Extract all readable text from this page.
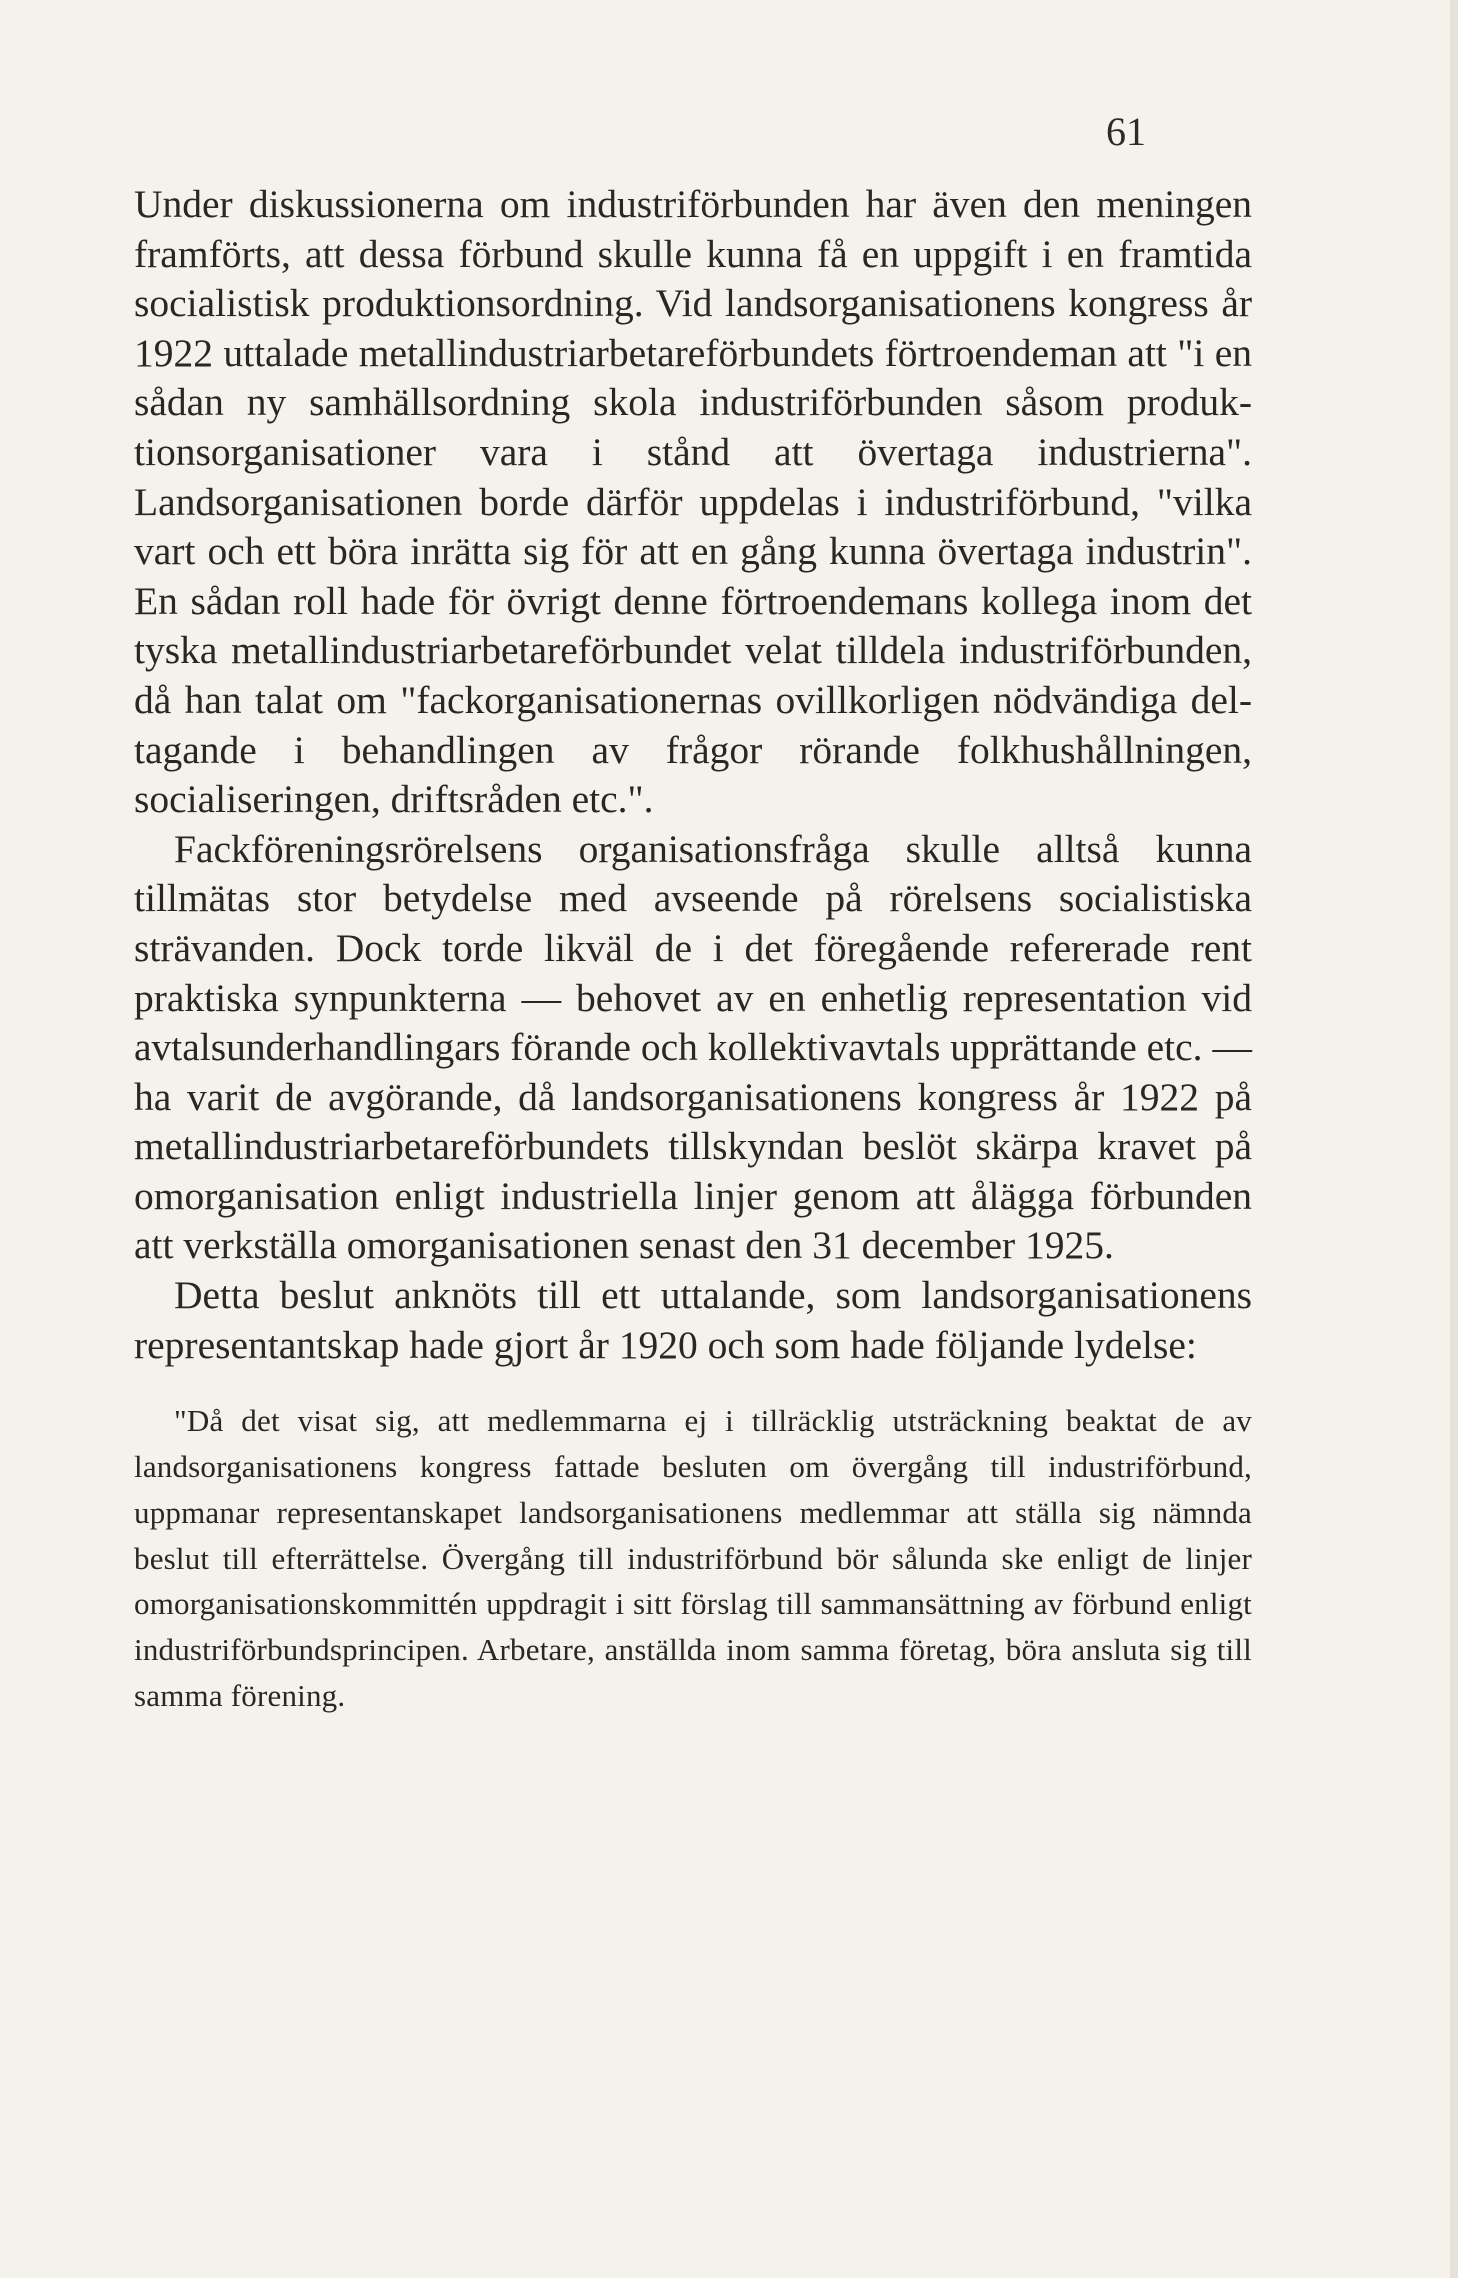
61

Under diskussionerna om industriförbunden har även den meningen framförts, att dessa förbund skulle kunna få en uppgift i en framtida socialistisk produktionsordning. Vid landsorganisationens kongress år 1922 uttalade metallindustriarbetareförbundets förtroendeman att "i en sådan ny samhällsordning skola industriförbunden såsom produktionsorganisationer vara i stånd att övertaga industrierna". Landsorganisationen borde därför uppdelas i industriförbund, "vilka vart och ett böra inrätta sig för att en gång kunna övertaga industrin". En sådan roll hade för övrigt denne förtroendemans kollega inom det tyska metallindustriarbetareförbundet velat tilldela industriförbunden, då han talat om "fackorganisationernas ovillkorligen nödvändiga deltagande i behandlingen av frågor rörande folkhushållningen, socialiseringen, driftsråden etc.".

Fackföreningsrörelsens organisationsfråga skulle alltså kunna tillmätas stor betydelse med avseende på rörelsens socialistiska strävanden. Dock torde likväl de i det föregående refererade rent praktiska synpunkterna — behovet av en enhetlig representation vid avtalsunderhandlingars förande och kollektivavtals upprättande etc. — ha varit de avgörande, då landsorganisationens kongress år 1922 på metallindustriarbetareförbundets tillskyndan beslöt skärpa kravet på omorganisation enligt industriella linjer genom att ålägga förbunden att verkställa omorganisationen senast den 31 december 1925.

Detta beslut anknöts till ett uttalande, som landsorganisationens representantskap hade gjort år 1920 och som hade följande lydelse:

"Då det visat sig, att medlemmarna ej i tillräcklig utsträckning beaktat de av landsorganisationens kongress fattade besluten om övergång till industriförbund, uppmanar representanskapet landsorganisationens medlemmar att ställa sig nämnda beslut till efterrättelse. Övergång till industriförbund bör sålunda ske enligt de linjer omorganisationskommittén uppdragit i sitt förslag till sammansättning av förbund enligt industriförbundsprincipen. Arbetare, anställda inom samma företag, böra ansluta sig till samma förening.
